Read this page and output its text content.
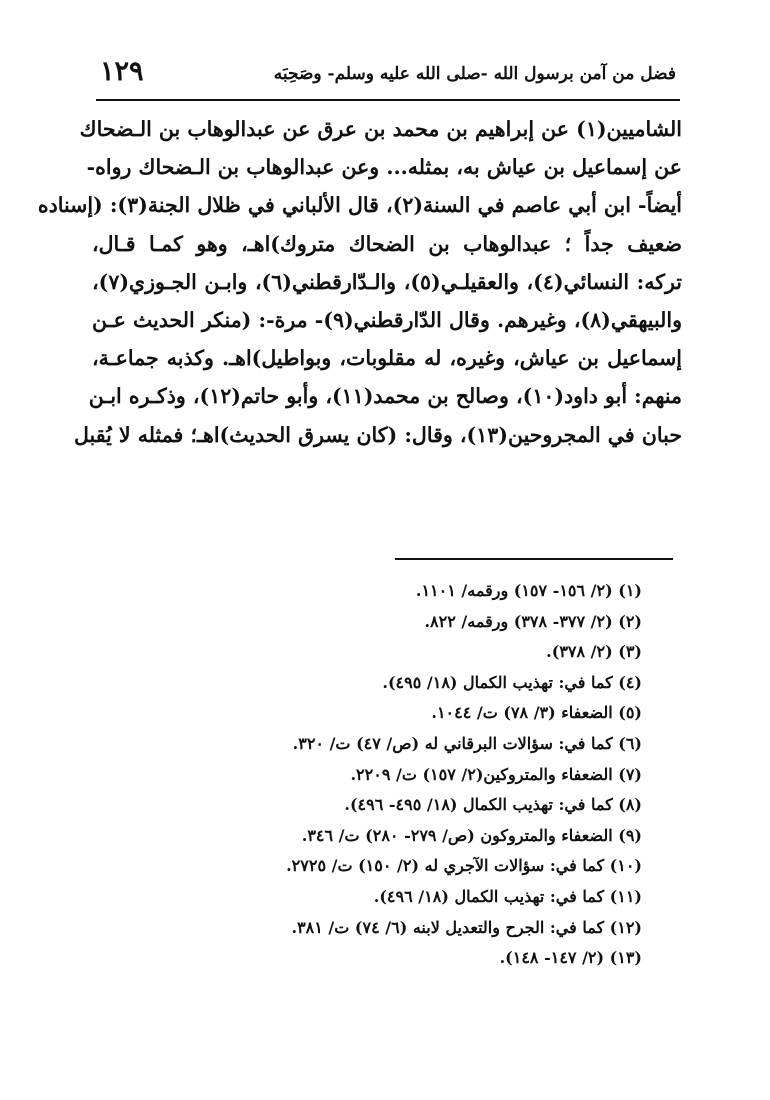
فضل من آمن برسول الله -صلى الله عليه وسلم- وصَحِبَه
١٢٩
الشاميين(١) عن إبراهيم بن محمد بن عرق عن عبدالوهاب بن الـضحاك
عن إسماعيل بن عياش به، بمثله... وعن عبدالوهاب بن الـضحاك رواه-
أيضاً- ابن أبي عاصم في السنة(٢)، قال الألباني في ظلال الجنة(٣): (إسناده
ضعيف جداً ؛ عبدالوهاب بن الضحاك متروك)اهـ، وهو كمـا قـال،
تركه: النسائي(٤)، والعقيلـي(٥)، والـدّارقطني(٦)، وابـن الجـوزي(٧)،
والبيهقي(٨)، وغيرهم. وقال الدّارقطني(٩)- مرة-: (منكر الحديث عـن
إسماعيل بن عياش، وغيره، له مقلوبات، وبواطيل)اهـ. وكذبه جماعـة،
منهم: أبو داود(١٠)، وصالح بن محمد(١١)، وأبو حاتم(١٢)، وذكـره ابـن
حبان في المجروحين(١٣)، وقال: (كان يسرق الحديث)اهـ؛ فمثله لا يُقبل
(١) (٢/ ١٥٦- ١٥٧) ورقمه/ ١١٠١.
(٢) (٢/ ٣٧٧- ٣٧٨) ورقمه/ ٨٢٢.
(٣) (٢/ ٣٧٨).
(٤) كما في: تهذيب الكمال (١٨/ ٤٩٥).
(٥) الضعفاء (٣/ ٧٨) ت/ ١٠٤٤.
(٦) كما في: سؤالات البرقاني له (ص/ ٤٧) ت/ ٣٢٠.
(٧) الضعفاء والمتروكين(٢/ ١٥٧) ت/ ٢٢٠٩.
(٨) كما في: تهذيب الكمال (١٨/ ٤٩٥- ٤٩٦).
(٩) الضعفاء والمتروكون (ص/ ٢٧٩- ٢٨٠) ت/ ٣٤٦.
(١٠) كما في: سؤالات الآجري له (٢/ ١٥٠) ت/ ٢٧٢٥.
(١١) كما في: تهذيب الكمال (١٨/ ٤٩٦).
(١٢) كما في: الجرح والتعديل لابنه (٦/ ٧٤) ت/ ٣٨١.
(١٣) (٢/ ١٤٧- ١٤٨).
